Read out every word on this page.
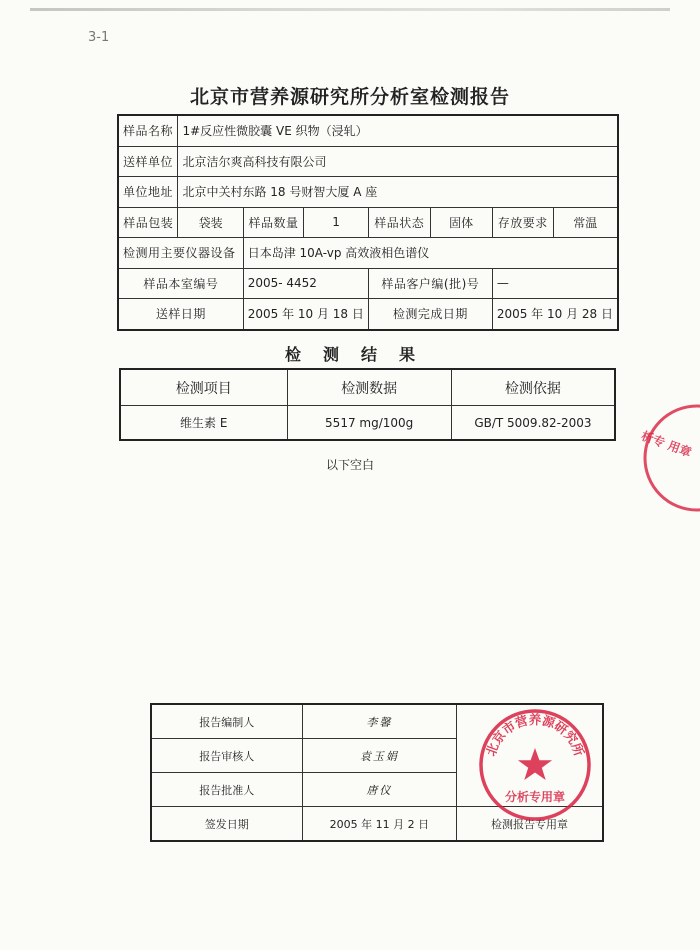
3-1
北京市营养源研究所分析室检测报告
样品名称	1#反应性微胶囊 VE 织物（浸轧）						
送样单位	北京洁尔爽高科技有限公司						
单位地址	北京中关村东路 18 号财智大厦 A 座						
样品包装	袋装	样品数量	1	样品状态	固体	存放要求	常温
检测用主要仪器设备		日本岛津 10A-vp 高效液相色谱仪					
样品本室编号		2005- 4452		样品客户编(批)号		—	
送样日期		2005 年 10 月 18 日		检测完成日期		2005 年 10 月 28 日	
检测结果
检测项目	检测数据	检测依据
维生素 E	5517 mg/100g	GB/T 5009.82-2003
以下空白
报告编制人	李馨	
报告审核人	袁玉娟	
报告批准人	唐仪	
签发日期	2005 年 11 月 2 日	检测报告专用章
北京市营养源研究所
分析专用章
析专 用章
